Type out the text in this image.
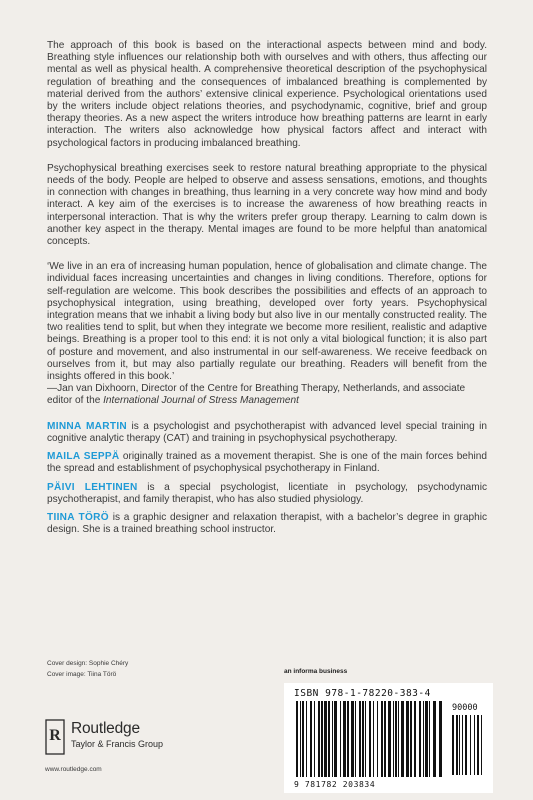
The approach of this book is based on the interactional aspects between mind and body. Breathing style influences our relationship both with ourselves and with others, thus affecting our mental as well as physical health. A comprehensive theoretical description of the psychophysical regulation of breathing and the consequences of imbalanced breathing is complemented by material derived from the authors’ extensive clinical experience. Psychological orientations used by the writers include object relations theories, and psychodynamic, cognitive, brief and group therapy theories. As a new aspect the writers introduce how breathing patterns are learnt in early interaction. The writers also acknowledge how physical factors affect and interact with psychological factors in producing imbalanced breathing.

Psychophysical breathing exercises seek to restore natural breathing appropriate to the physical needs of the body. People are helped to observe and assess sensations, emotions, and thoughts in connection with changes in breathing, thus learning in a very concrete way how mind and body interact. A key aim of the exercises is to increase the awareness of how breathing reacts in interpersonal interaction. That is why the writers prefer group therapy. Learning to calm down is another key aspect in the therapy. Mental images are found to be more helpful than anatomical concepts.

‘We live in an era of increasing human population, hence of globalisation and climate change. The individual faces increasing uncertainties and changes in living conditions. Therefore, options for self-regulation are welcome. This book describes the possibilities and effects of an approach to psychophysical integration, using breathing, developed over forty years. Psychophysical integration means that we inhabit a living body but also live in our mentally constructed reality. The two realities tend to split, but when they integrate we become more resilient, realistic and adaptive beings. Breathing is a proper tool to this end: it is not only a vital biological function; it is also part of posture and movement, and also instrumental in our self-awareness. We receive feedback on ourselves from it, but may also partially regulate our breathing. Readers will benefit from the insights offered in this book.’

—Jan van Dixhoorn, Director of the Centre for Breathing Therapy, Netherlands, and associate editor of the International Journal of Stress Management

MINNA MARTIN is a psychologist and psychotherapist with advanced level special training in cognitive analytic therapy (CAT) and training in psychophysical psychotherapy.

MAILA SEPPÄ originally trained as a movement therapist. She is one of the main forces behind the spread and establishment of psychophysical psychotherapy in Finland.

PÄIVI LEHTINEN is a special psychologist, licentiate in psychology, psychodynamic psychotherapist, and family therapist, who has also studied physiology.

TIINA TÖRÖ is a graphic designer and relaxation therapist, with a bachelor’s degree in graphic design. She is a trained breathing school instructor.

Cover design: Sophie Chéry
Cover image: Tiina Törö
R Routledge
Taylor & Francis Group
www.routledge.com
an informa business
ISBN 978-1-78220-383-4
90000
9 781782 203834
